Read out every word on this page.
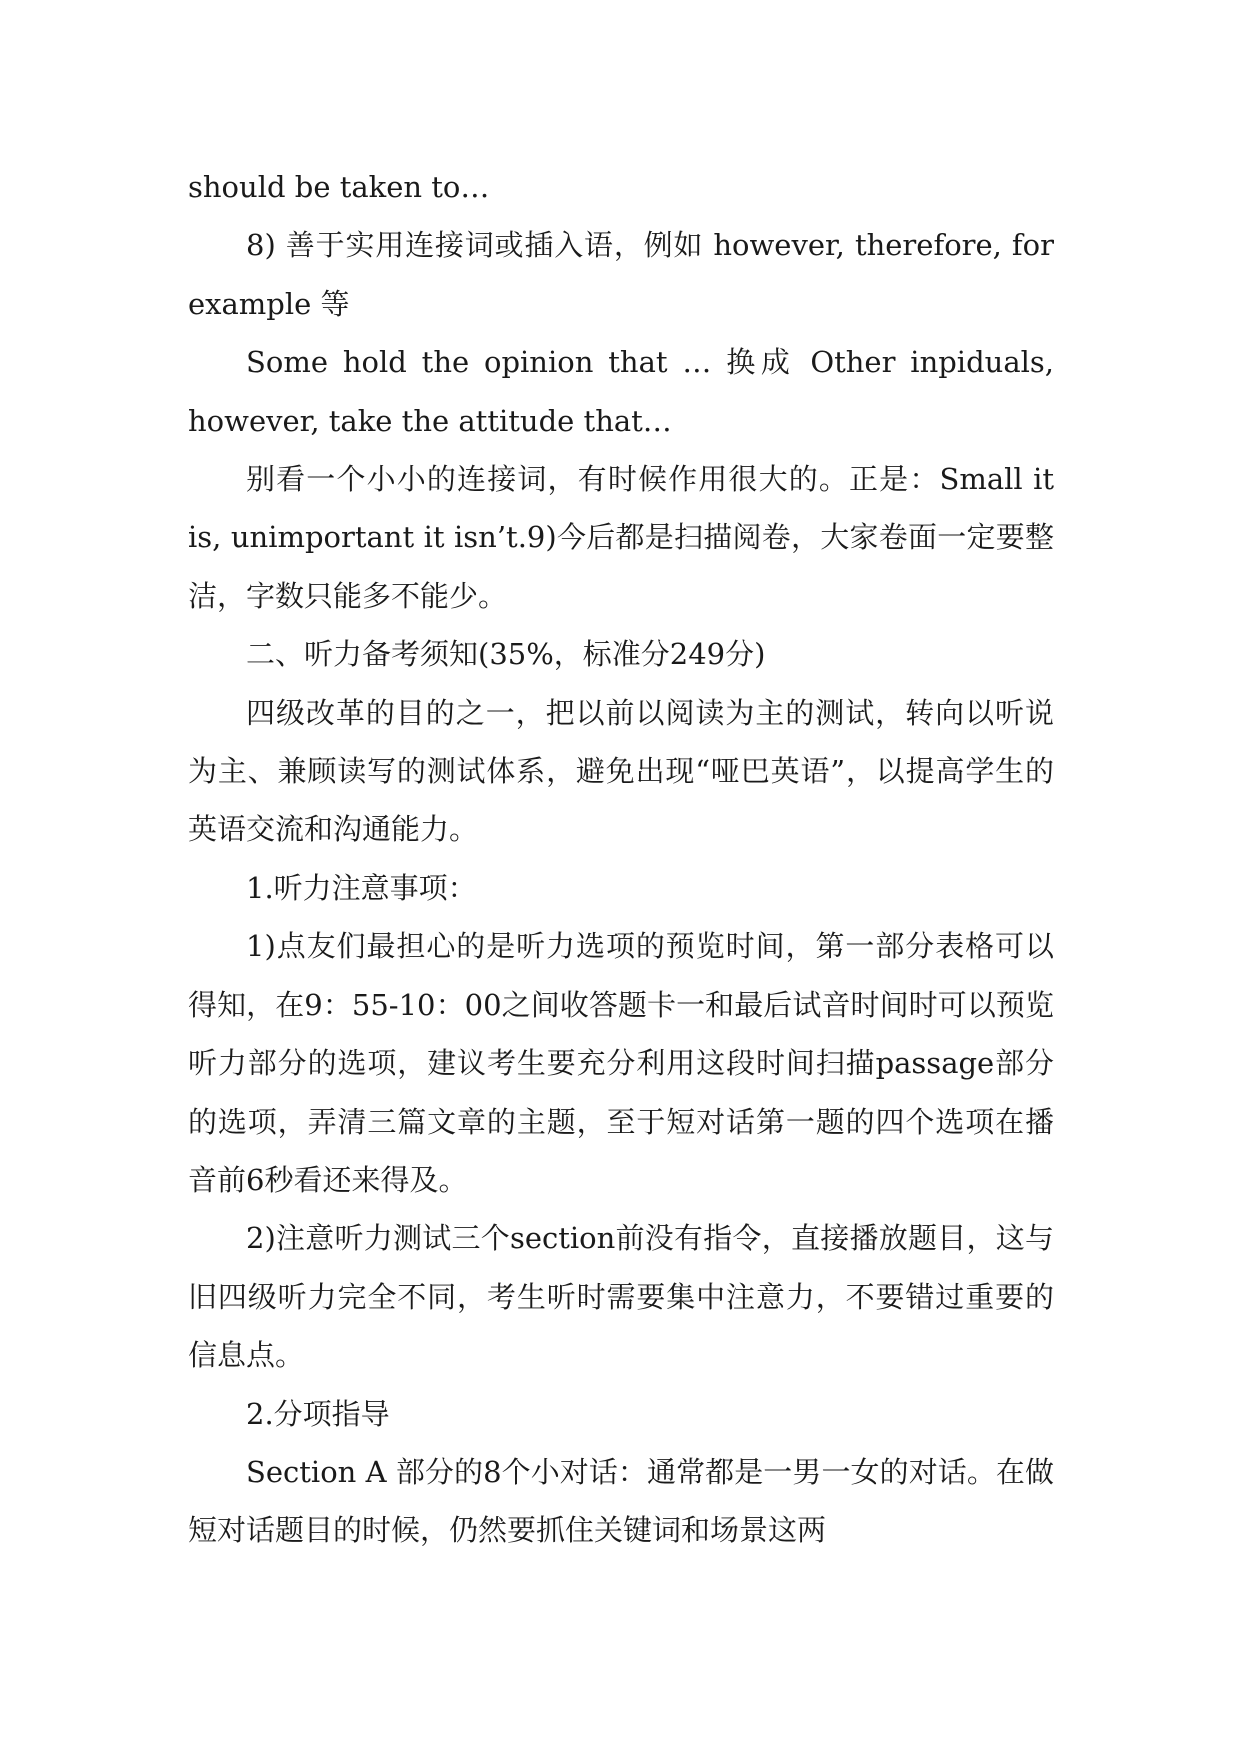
should be taken to…

8) 善于实用连接词或插入语，例如 however, therefore, for example 等

Some hold the opinion that … 换成 Other inpiduals, however, take the attitude that…

别看一个小小的连接词，有时候作用很大的。正是：Small it is, unimportant it isn’t.9)今后都是扫描阅卷，大家卷面一定要整洁，字数只能多不能少。

二、听力备考须知(35%，标准分249分)

四级改革的目的之一，把以前以阅读为主的测试，转向以听说为主、兼顾读写的测试体系，避免出现“哑巴英语”，以提高学生的英语交流和沟通能力。

1.听力注意事项：

1)点友们最担心的是听力选项的预览时间，第一部分表格可以得知，在9：55-10：00之间收答题卡一和最后试音时间时可以预览听力部分的选项，建议考生要充分利用这段时间扫描passage部分的选项，弄清三篇文章的主题，至于短对话第一题的四个选项在播音前6秒看还来得及。

2)注意听力测试三个section前没有指令，直接播放题目，这与旧四级听力完全不同，考生听时需要集中注意力，不要错过重要的信息点。

2.分项指导

Section A 部分的8个小对话：通常都是一男一女的对话。在做短对话题目的时候，仍然要抓住关键词和场景这两
